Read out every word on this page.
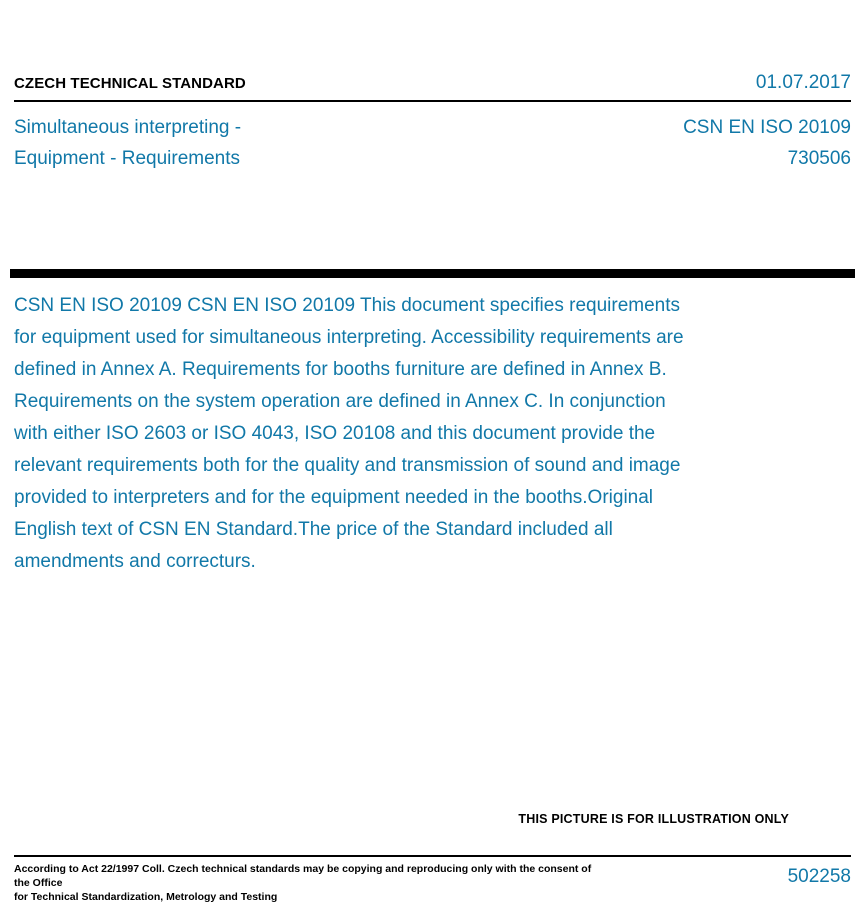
CZECH TECHNICAL STANDARD	01.07.2017
Simultaneous interpreting -
Equipment - Requirements
CSN EN ISO 20109
730506
CSN EN ISO 20109 CSN EN ISO 20109 This document specifies requirements for equipment used for simultaneous interpreting. Accessibility requirements are defined in Annex A. Requirements for booths furniture are defined in Annex B. Requirements on the system operation are defined in Annex C. In conjunction with either ISO 2603 or ISO 4043, ISO 20108 and this document provide the relevant requirements both for the quality and transmission of sound and image provided to interpreters and for the equipment needed in the booths.Original English text of CSN EN Standard.The price of the Standard included all amendments and correcturs.
THIS PICTURE IS FOR ILLUSTRATION ONLY
According to Act 22/1997 Coll. Czech technical standards may be copying and reproducing only with the consent of the Office
for Technical Standardization, Metrology and Testing
502258
